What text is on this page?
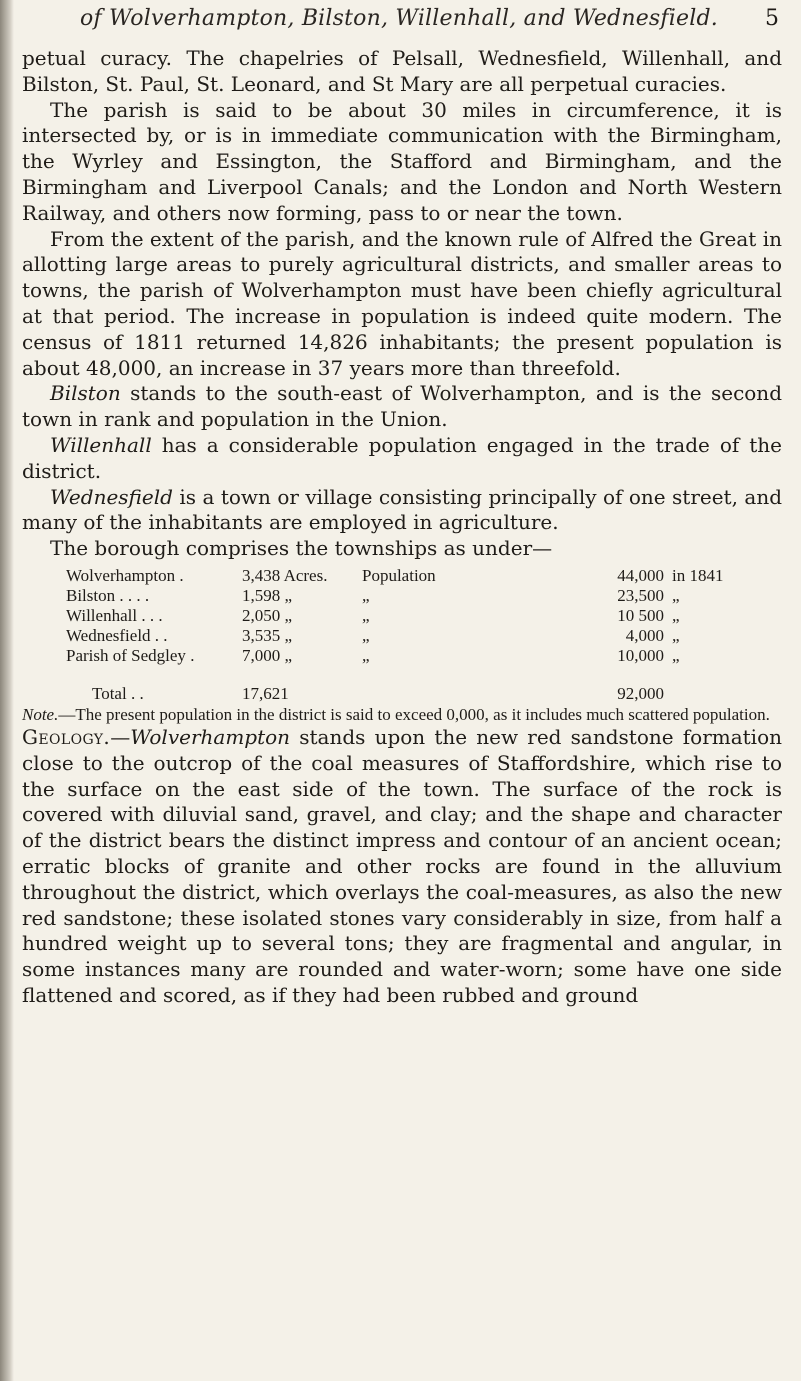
of Wolverhampton, Bilston, Willenhall, and Wednesfield. 5

petual curacy. The chapelries of Pelsall, Wednesfield, Willenhall, and Bilston, St. Paul, St. Leonard, and St Mary are all perpetual curacies.

The parish is said to be about 30 miles in circumference, it is intersected by, or is in immediate communication with the Birmingham, the Wyrley and Essington, the Stafford and Birmingham, and the Birmingham and Liverpool Canals; and the London and North Western Railway, and others now forming, pass to or near the town.

From the extent of the parish, and the known rule of Alfred the Great in allotting large areas to purely agricultural districts, and smaller areas to towns, the parish of Wolverhampton must have been chiefly agricultural at that period. The increase in population is indeed quite modern. The census of 1811 returned 14,826 inhabitants; the present population is about 48,000, an increase in 37 years more than threefold.

Bilston stands to the south-east of Wolverhampton, and is the second town in rank and population in the Union.

Willenhall has a considerable population engaged in the trade of the district.

Wednesfield is a town or village consisting principally of one street, and many of the inhabitants are employed in agriculture.

The borough comprises the townships as under—

Wolverhampton .	3,438 Acres.	Population	44,000 in 1841
Bilston . . . .	1,598 „	„	23,500 „
Willenhall . . .	2,050 „	„	10 500 „
Wednesfield . .	3,535 „	„	4,000 „
Parish of Sedgley .	7,000 „	„	10,000 „
Total . .	17,621	92,000

Note.—The present population in the district is said to exceed 0,000, as it includes much scattered population.

Geology.—Wolverhampton stands upon the new red sandstone formation close to the outcrop of the coal measures of Staffordshire, which rise to the surface on the east side of the town. The surface of the rock is covered with diluvial sand, gravel, and clay; and the shape and character of the district bears the distinct impress and contour of an ancient ocean; erratic blocks of granite and other rocks are found in the alluvium throughout the district, which overlays the coal-measures, as also the new red sandstone; these isolated stones vary considerably in size, from half a hundred weight up to several tons; they are fragmental and angular, in some instances many are rounded and water-worn; some have one side flattened and scored, as if they had been rubbed and ground
